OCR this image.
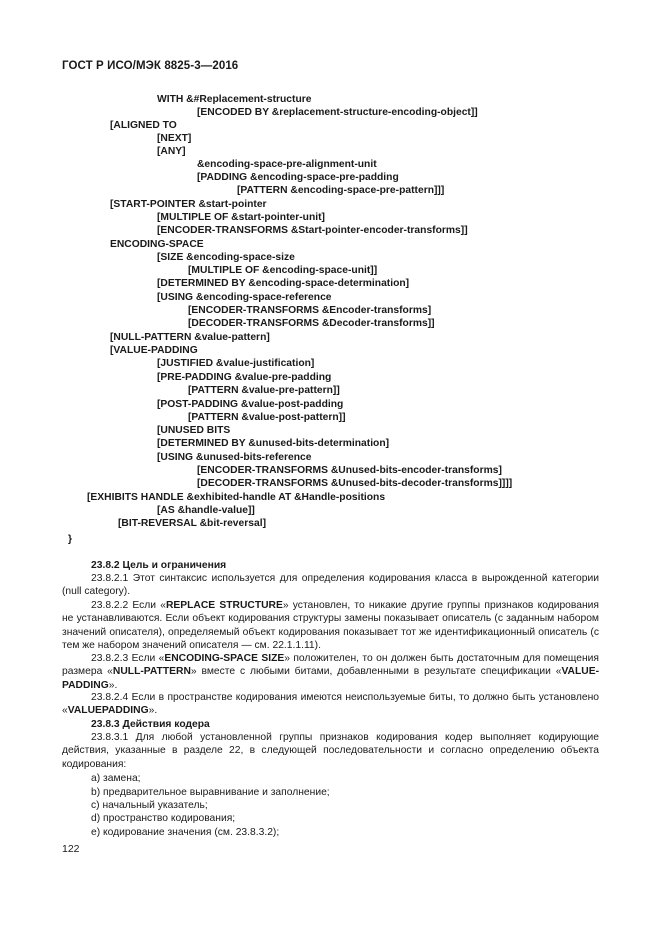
ГОСТ Р ИСО/МЭК 8825-3—2016
WITH &#Replacement-structure
[ENCODED BY &replacement-structure-encoding-object]]
[ALIGNED TO
[NEXT]
[ANY]
&encoding-space-pre-alignment-unit
[PADDING &encoding-space-pre-padding
[PATTERN &encoding-space-pre-pattern]]]
[START-POINTER &start-pointer
[MULTIPLE OF &start-pointer-unit]
[ENCODER-TRANSFORMS &Start-pointer-encoder-transforms]]
ENCODING-SPACE
[SIZE &encoding-space-size
[MULTIPLE OF &encoding-space-unit]]
[DETERMINED BY &encoding-space-determination]
[USING &encoding-space-reference
[ENCODER-TRANSFORMS &Encoder-transforms]
[DECODER-TRANSFORMS &Decoder-transforms]]
[NULL-PATTERN &value-pattern]
[VALUE-PADDING
[JUSTIFIED &value-justification]
[PRE-PADDING &value-pre-padding
[PATTERN &value-pre-pattern]]
[POST-PADDING &value-post-padding
[PATTERN &value-post-pattern]]
[UNUSED BITS
[DETERMINED BY &unused-bits-determination]
[USING &unused-bits-reference
[ENCODER-TRANSFORMS &Unused-bits-encoder-transforms]
[DECODER-TRANSFORMS &Unused-bits-decoder-transforms]]]]
[EXHIBITS HANDLE &exhibited-handle AT &Handle-positions
[AS &handle-value]]
[BIT-REVERSAL &bit-reversal]
}
23.8.2 Цель и ограничения
23.8.2.1 Этот синтаксис используется для определения кодирования класса в вырожденной категории (null category).
23.8.2.2 Если «REPLACE STRUCTURE» установлен, то никакие другие группы признаков кодирования не устанавливаются. Если объект кодирования структуры замены показывает описатель (с заданным набором значений описателя), определяемый объект кодирования показывает тот же идентификационный описатель (с тем же набором значений описателя — см. 22.1.1.11).
23.8.2.3 Если «ENCODING-SPACE SIZE» положителен, то он должен быть достаточным для помещения размера «NULL-PATTERN» вместе с любыми битами, добавленными в результате спецификации «VALUE-PADDING».
23.8.2.4 Если в пространстве кодирования имеются неиспользуемые биты, то должно быть установлено «VALUEPADDING».
23.8.3 Действия кодера
23.8.3.1 Для любой установленной группы признаков кодирования кодер выполняет кодирующие действия, указанные в разделе 22, в следующей последовательности и согласно определению объекта кодирования:
a) замена;
b) предварительное выравнивание и заполнение;
c) начальный указатель;
d) пространство кодирования;
e) кодирование значения (см. 23.8.3.2);
122
